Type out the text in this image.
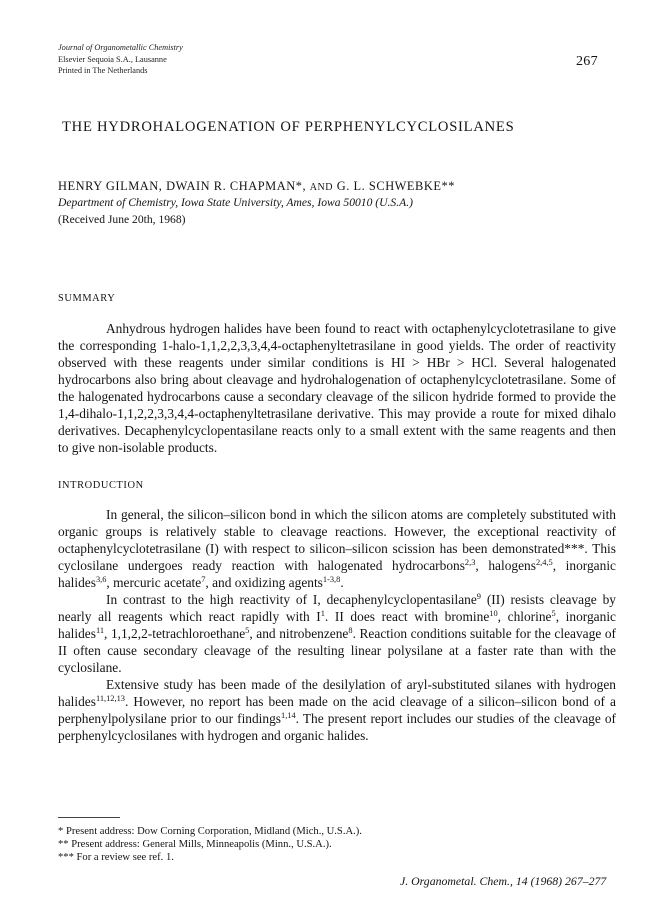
Journal of Organometallic Chemistry
Elsevier Sequoia S.A., Lausanne
Printed in The Netherlands
267
THE HYDROHALOGENATION OF PERPHENYLCYCLOSILANES
HENRY GILMAN, DWAIN R. CHAPMAN*, AND G. L. SCHWEBKE**
Department of Chemistry, Iowa State University, Ames, Iowa 50010 (U.S.A.)
(Received June 20th, 1968)
SUMMARY

Anhydrous hydrogen halides have been found to react with octaphenylcyclotetrasilane to give the corresponding 1-halo-1,1,2,2,3,3,4,4-octaphenyltetrasilane in good yields. The order of reactivity observed with these reagents under similar conditions is HI > HBr > HCl. Several halogenated hydrocarbons also bring about cleavage and hydrohalogenation of octaphenylcyclotetrasilane. Some of the halogenated hydrocarbons cause a secondary cleavage of the silicon hydride formed to provide the 1,4-dihalo-1,1,2,2,3,3,4,4-octaphenyltetrasilane derivative. This may provide a route for mixed dihalo derivatives. Decaphenylcyclopentasilane reacts only to a small extent with the same reagents and then to give non-isolable products.

INTRODUCTION

In general, the silicon–silicon bond in which the silicon atoms are completely substituted with organic groups is relatively stable to cleavage reactions. However, the exceptional reactivity of octaphenylcyclotetrasilane (I) with respect to silicon–silicon scission has been demonstrated***. This cyclosilane undergoes ready reaction with halogenated hydrocarbons$^{2,3}$, halogens$^{2,4,5}$, inorganic halides$^{3,6}$, mercuric acetate$^7$, and oxidizing agents$^{1-3,8}$.

In contrast to the high reactivity of I, decaphenylcyclopentasilane$^9$ (II) resists cleavage by nearly all reagents which react rapidly with $I^1$. II does react with bromine$^{10}$, chlorine$^5$, inorganic halides$^{11}$, 1,1,2,2-tetrachloroethane$^5$, and nitrobenzene$^8$. Reaction conditions suitable for the cleavage of II often cause secondary cleavage of the resulting linear polysilane at a faster rate than with the cyclosilane.

Extensive study has been made of the desilylation of aryl-substituted silanes with hydrogen halides$^{11,12,13}$. However, no report has been made on the acid cleavage of a silicon–silicon bond of a perphenylpolysilane prior to our findings$^{1,14}$. The present report includes our studies of the cleavage of perphenylcyclosilanes with hydrogen and organic halides.

* Present address: Dow Corning Corporation, Midland (Mich., U.S.A.).
** Present address: General Mills, Minneapolis (Minn., U.S.A.).
*** For a review see ref. 1.
J. Organometal. Chem., 14 (1968) 267–277
